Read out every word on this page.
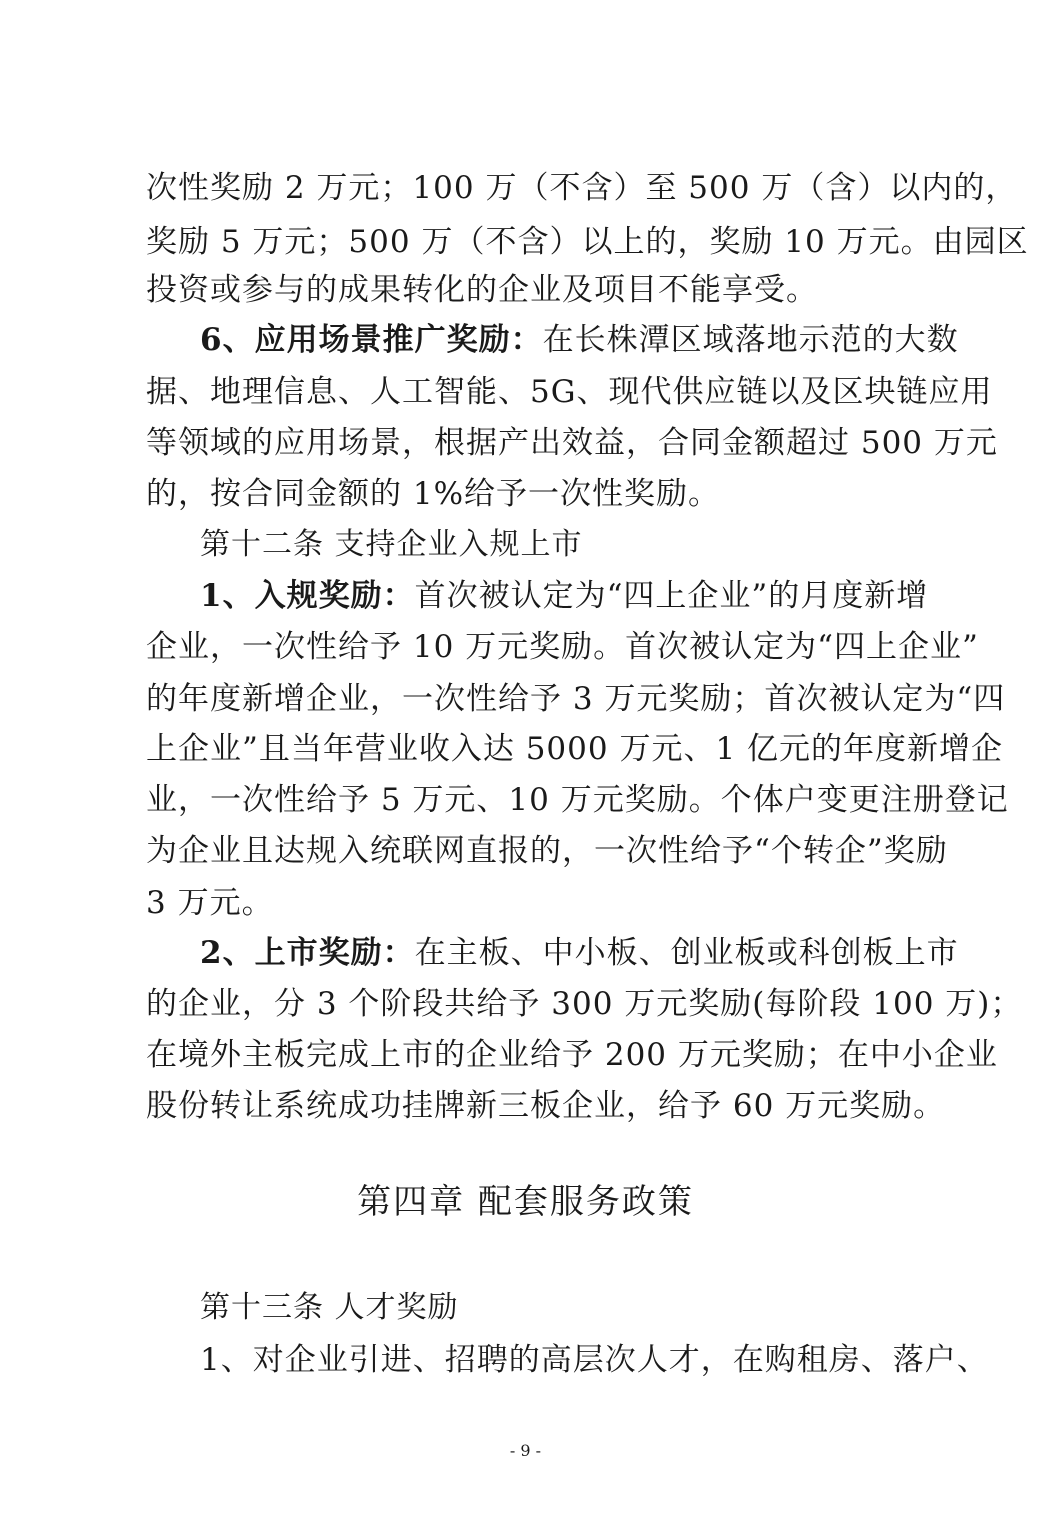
次性奖励 2 万元；100 万（不含）至 500 万（含）以内的，
奖励 5 万元；500 万（不含）以上的，奖励 10 万元。由园区
投资或参与的成果转化的企业及项目不能享受。
6、应用场景推广奖励：在长株潭区域落地示范的大数
据、地理信息、人工智能、5G、现代供应链以及区块链应用
等领域的应用场景，根据产出效益，合同金额超过 500 万元
的，按合同金额的 1%给予一次性奖励。
第十二条 支持企业入规上市
1、入规奖励：首次被认定为“四上企业”的月度新增
企业，一次性给予 10 万元奖励。首次被认定为“四上企业”
的年度新增企业，一次性给予 3 万元奖励；首次被认定为“四
上企业”且当年营业收入达 5000 万元、1 亿元的年度新增企
业，一次性给予 5 万元、10 万元奖励。个体户变更注册登记
为企业且达规入统联网直报的，一次性给予“个转企”奖励
3 万元。
2、上市奖励：在主板、中小板、创业板或科创板上市
的企业，分 3 个阶段共给予 300 万元奖励(每阶段 100 万)；
在境外主板完成上市的企业给予 200 万元奖励；在中小企业
股份转让系统成功挂牌新三板企业，给予 60 万元奖励。
第四章 配套服务政策
第十三条 人才奖励
1、对企业引进、招聘的高层次人才，在购租房、落户、
- 9 -
